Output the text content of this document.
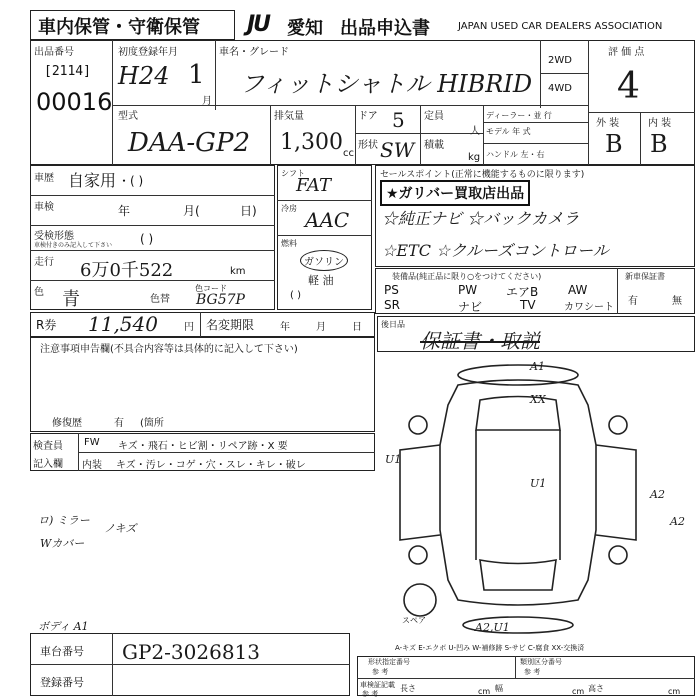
車内保管・守衛保管 JU 愛知 出品申込書	JAPAN USED CAR DEALERS ASSOCIATION
出品番号
[2114]
00016
初度登録年月
H24 1
月
車名・グレード
フィットシャトル HIBRID
2WD
4WD
評 価 点
4
型式
DAA-GP2
排気量
1,300 cc
ドア 5
形状 SW
定員
人
積載
kg
ディーラー・並 行
モデル 年 式
ハンドル 左・右
外 装	内 装
B B
車歴 自家用 ・( )
車検	年	月(	日)
受検形態
車検付きのみ記入して下さい ( )
走行 6万0千522	km
色 青	色替
色コード
BG57P
シフト
FAT
冷房 AAC
燃料
ガソリン
軽 油
( )
セールスポイント(正常に機能するものに限ります)
★ガリバー買取店出品
☆純正ナビ ☆バックカメラ
☆ETC ☆クルーズコントロール
装備品(純正品に限り○をつけてください)
PS	PW エアB AW
SR	ナビ	TV	カワシート
新車保証書
有	無
R券 11,540	円 名変期限	年	月	日 後日品
保証書・取説
注意事項申告欄(不具合内容等は具体的に記入して下さい)
修復歴	有 (箇所
検査員
記入欄
FW キズ・飛石・ヒビ割・リペア跡・X 要
内装 キズ・汚レ・コゲ・穴・スレ・キレ・破レ
ロ) ミラー
Wカバー
ノキズ
ボディ A1
A1
XX
U1
U1
A2
A2
A2,U1
スペア
A-キズ E-エクボ U-凹み W-補修跡 S-サビ C-腐食 XX-交換済
車台番号 GP2-3026813
登録番号
形状指定番号
参 考
類別区分番号
参 考
車検証記載
参 考
長さ	cm 幅	cm 高さ	cm
